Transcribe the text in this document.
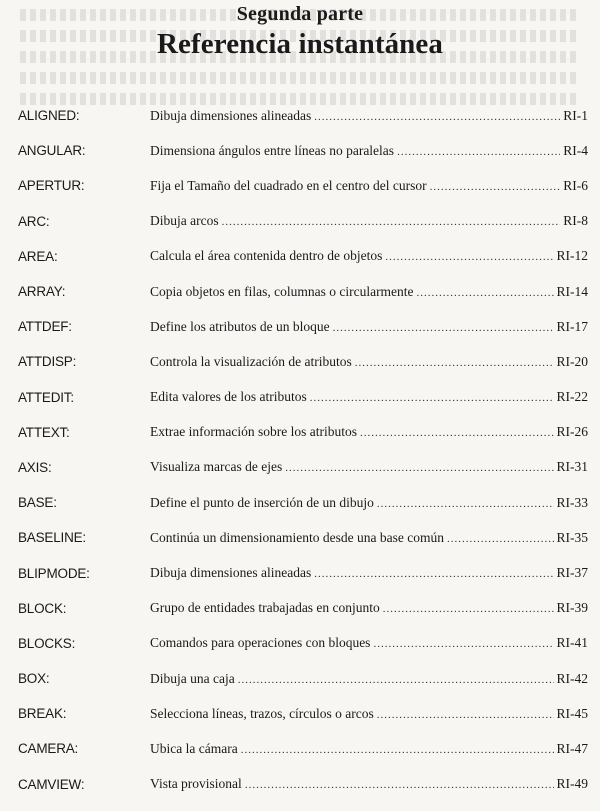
Segunda parte
Referencia instantánea
ALIGNED:	Dibuja dimensiones alineadas .....	RI-1
ANGULAR:	Dimensiona ángulos entre líneas no paralelas .....	RI-4
APERTUR:	Fija el Tamaño del cuadrado en el centro del cursor .....	RI-6
ARC:	Dibuja arcos .....	RI-8
AREA:	Calcula el área contenida dentro de objetos .....	RI-12
ARRAY:	Copia objetos en filas, columnas o circularmente .....	RI-14
ATTDEF:	Define los atributos de un bloque .....	RI-17
ATTDISP:	Controla la visualización de atributos .....	RI-20
ATTEDIT:	Edita valores de los atributos .....	RI-22
ATTEXT:	Extrae información sobre los atributos .....	RI-26
AXIS:	Visualiza marcas de ejes .....	RI-31
BASE:	Define el punto de inserción de un dibujo .....	RI-33
BASELINE:	Continúa un dimensionamiento desde una base común .....	RI-35
BLIPMODE:	Dibuja dimensiones alineadas .....	RI-37
BLOCK:	Grupo de entidades trabajadas en conjunto .....	RI-39
BLOCKS:	Comandos para operaciones con bloques .....	RI-41
BOX:	Dibuja una caja .....	RI-42
BREAK:	Selecciona líneas, trazos, círculos o arcos .....	RI-45
CAMERA:	Ubica la cámara .....	RI-47
CAMVIEW:	Vista provisional .....	RI-49
